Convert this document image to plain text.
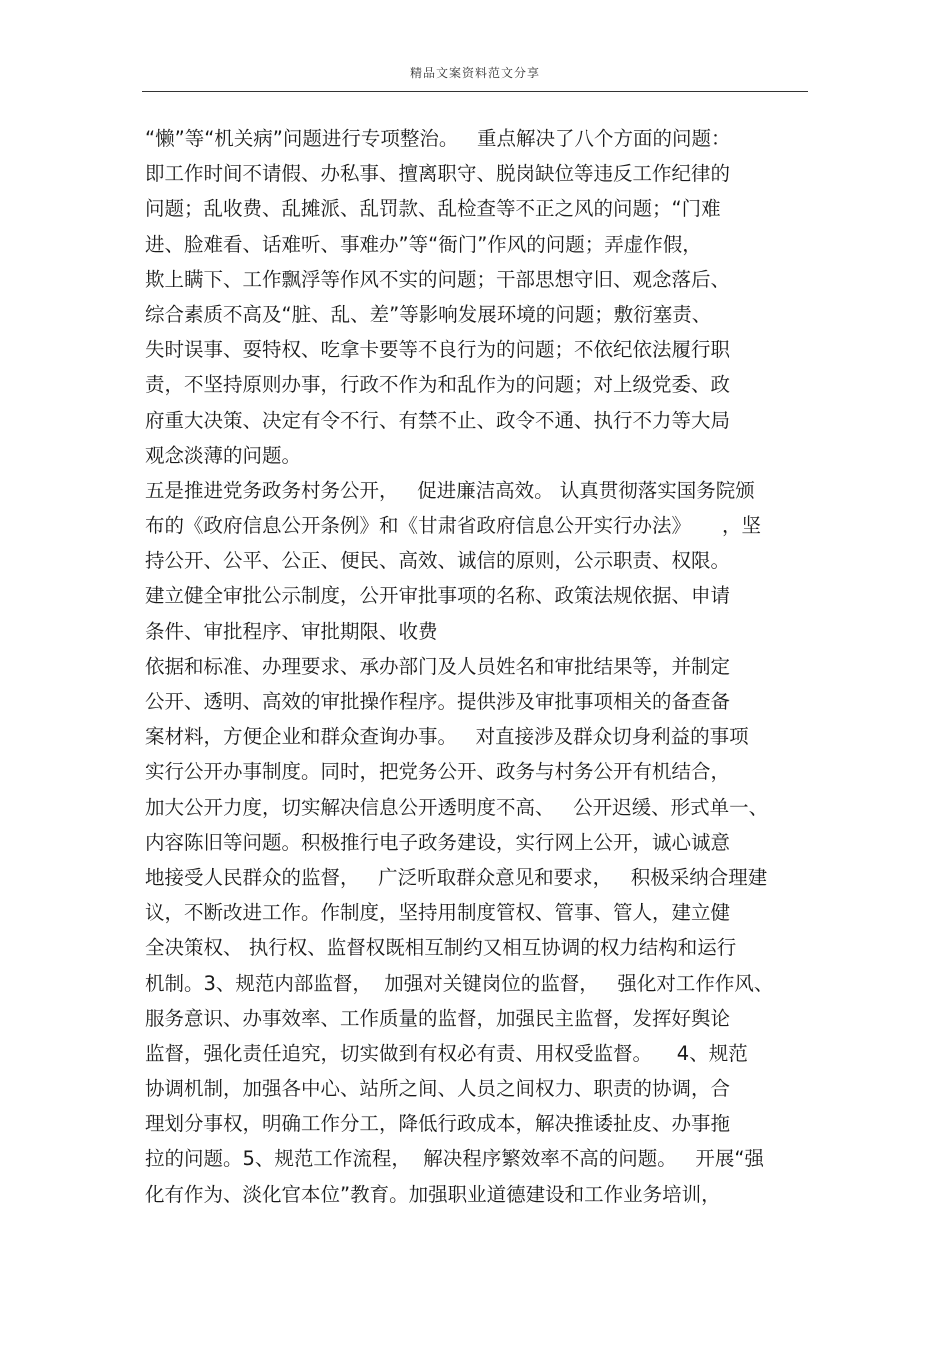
精品文案资料范文分享
“懒”等“机关病”问题进行专项整治。   重点解决了八个方面的问题：
即工作时间不请假、办私事、擅离职守、脱岗缺位等违反工作纪律的
问题；乱收费、乱摊派、乱罚款、乱检查等不正之风的问题；“门难
进、脸难看、话难听、事难办”等“衙门”作风的问题；弄虚作假，
欺上瞒下、工作飘浮等作风不实的问题；干部思想守旧、观念落后、
综合素质不高及“脏、乱、差”等影响发展环境的问题；敷衍塞责、
失时误事、耍特权、吃拿卡要等不良行为的问题；不依纪依法履行职
责，不坚持原则办事，行政不作为和乱作为的问题；对上级党委、政
府重大决策、决定有令不行、有禁不止、政令不通、执行不力等大局
观念淡薄的问题。
五是推进党务政务村务公开，   促进廉洁高效。 认真贯彻落实国务院颁
布的《政府信息公开条例》和《甘肃省政府信息公开实行办法》     ，坚
持公开、公平、公正、便民、高效、诚信的原则，公示职责、权限。
建立健全审批公示制度，公开审批事项的名称、政策法规依据、申请
条件、审批程序、审批期限、收费
依据和标准、办理要求、承办部门及人员姓名和审批结果等，并制定
公开、透明、高效的审批操作程序。提供涉及审批事项相关的备查备
案材料，方便企业和群众查询办事。   对直接涉及群众切身利益的事项
实行公开办事制度。同时，把党务公开、政务与村务公开有机结合，
加大公开力度，切实解决信息公开透明度不高、   公开迟缓、形式单一、
内容陈旧等问题。积极推行电子政务建设，实行网上公开，诚心诚意
地接受人民群众的监督，   广泛听取群众意见和要求，   积极采纳合理建
议，不断改进工作。作制度，坚持用制度管权、管事、管人，建立健
全决策权、 执行权、监督权既相互制约又相互协调的权力结构和运行
机制。3、规范内部监督，  加强对关键岗位的监督，   强化对工作作风、
服务意识、办事效率、工作质量的监督，加强民主监督，发挥好舆论
监督，强化责任追究，切实做到有权必有责、用权受监督。    4、规范
协调机制，加强各中心、站所之间、人员之间权力、职责的协调，合
理划分事权，明确工作分工，降低行政成本，解决推诿扯皮、办事拖
拉的问题。5、规范工作流程，  解决程序繁效率不高的问题。   开展“强
化有作为、淡化官本位”教育。加强职业道德建设和工作业务培训，
